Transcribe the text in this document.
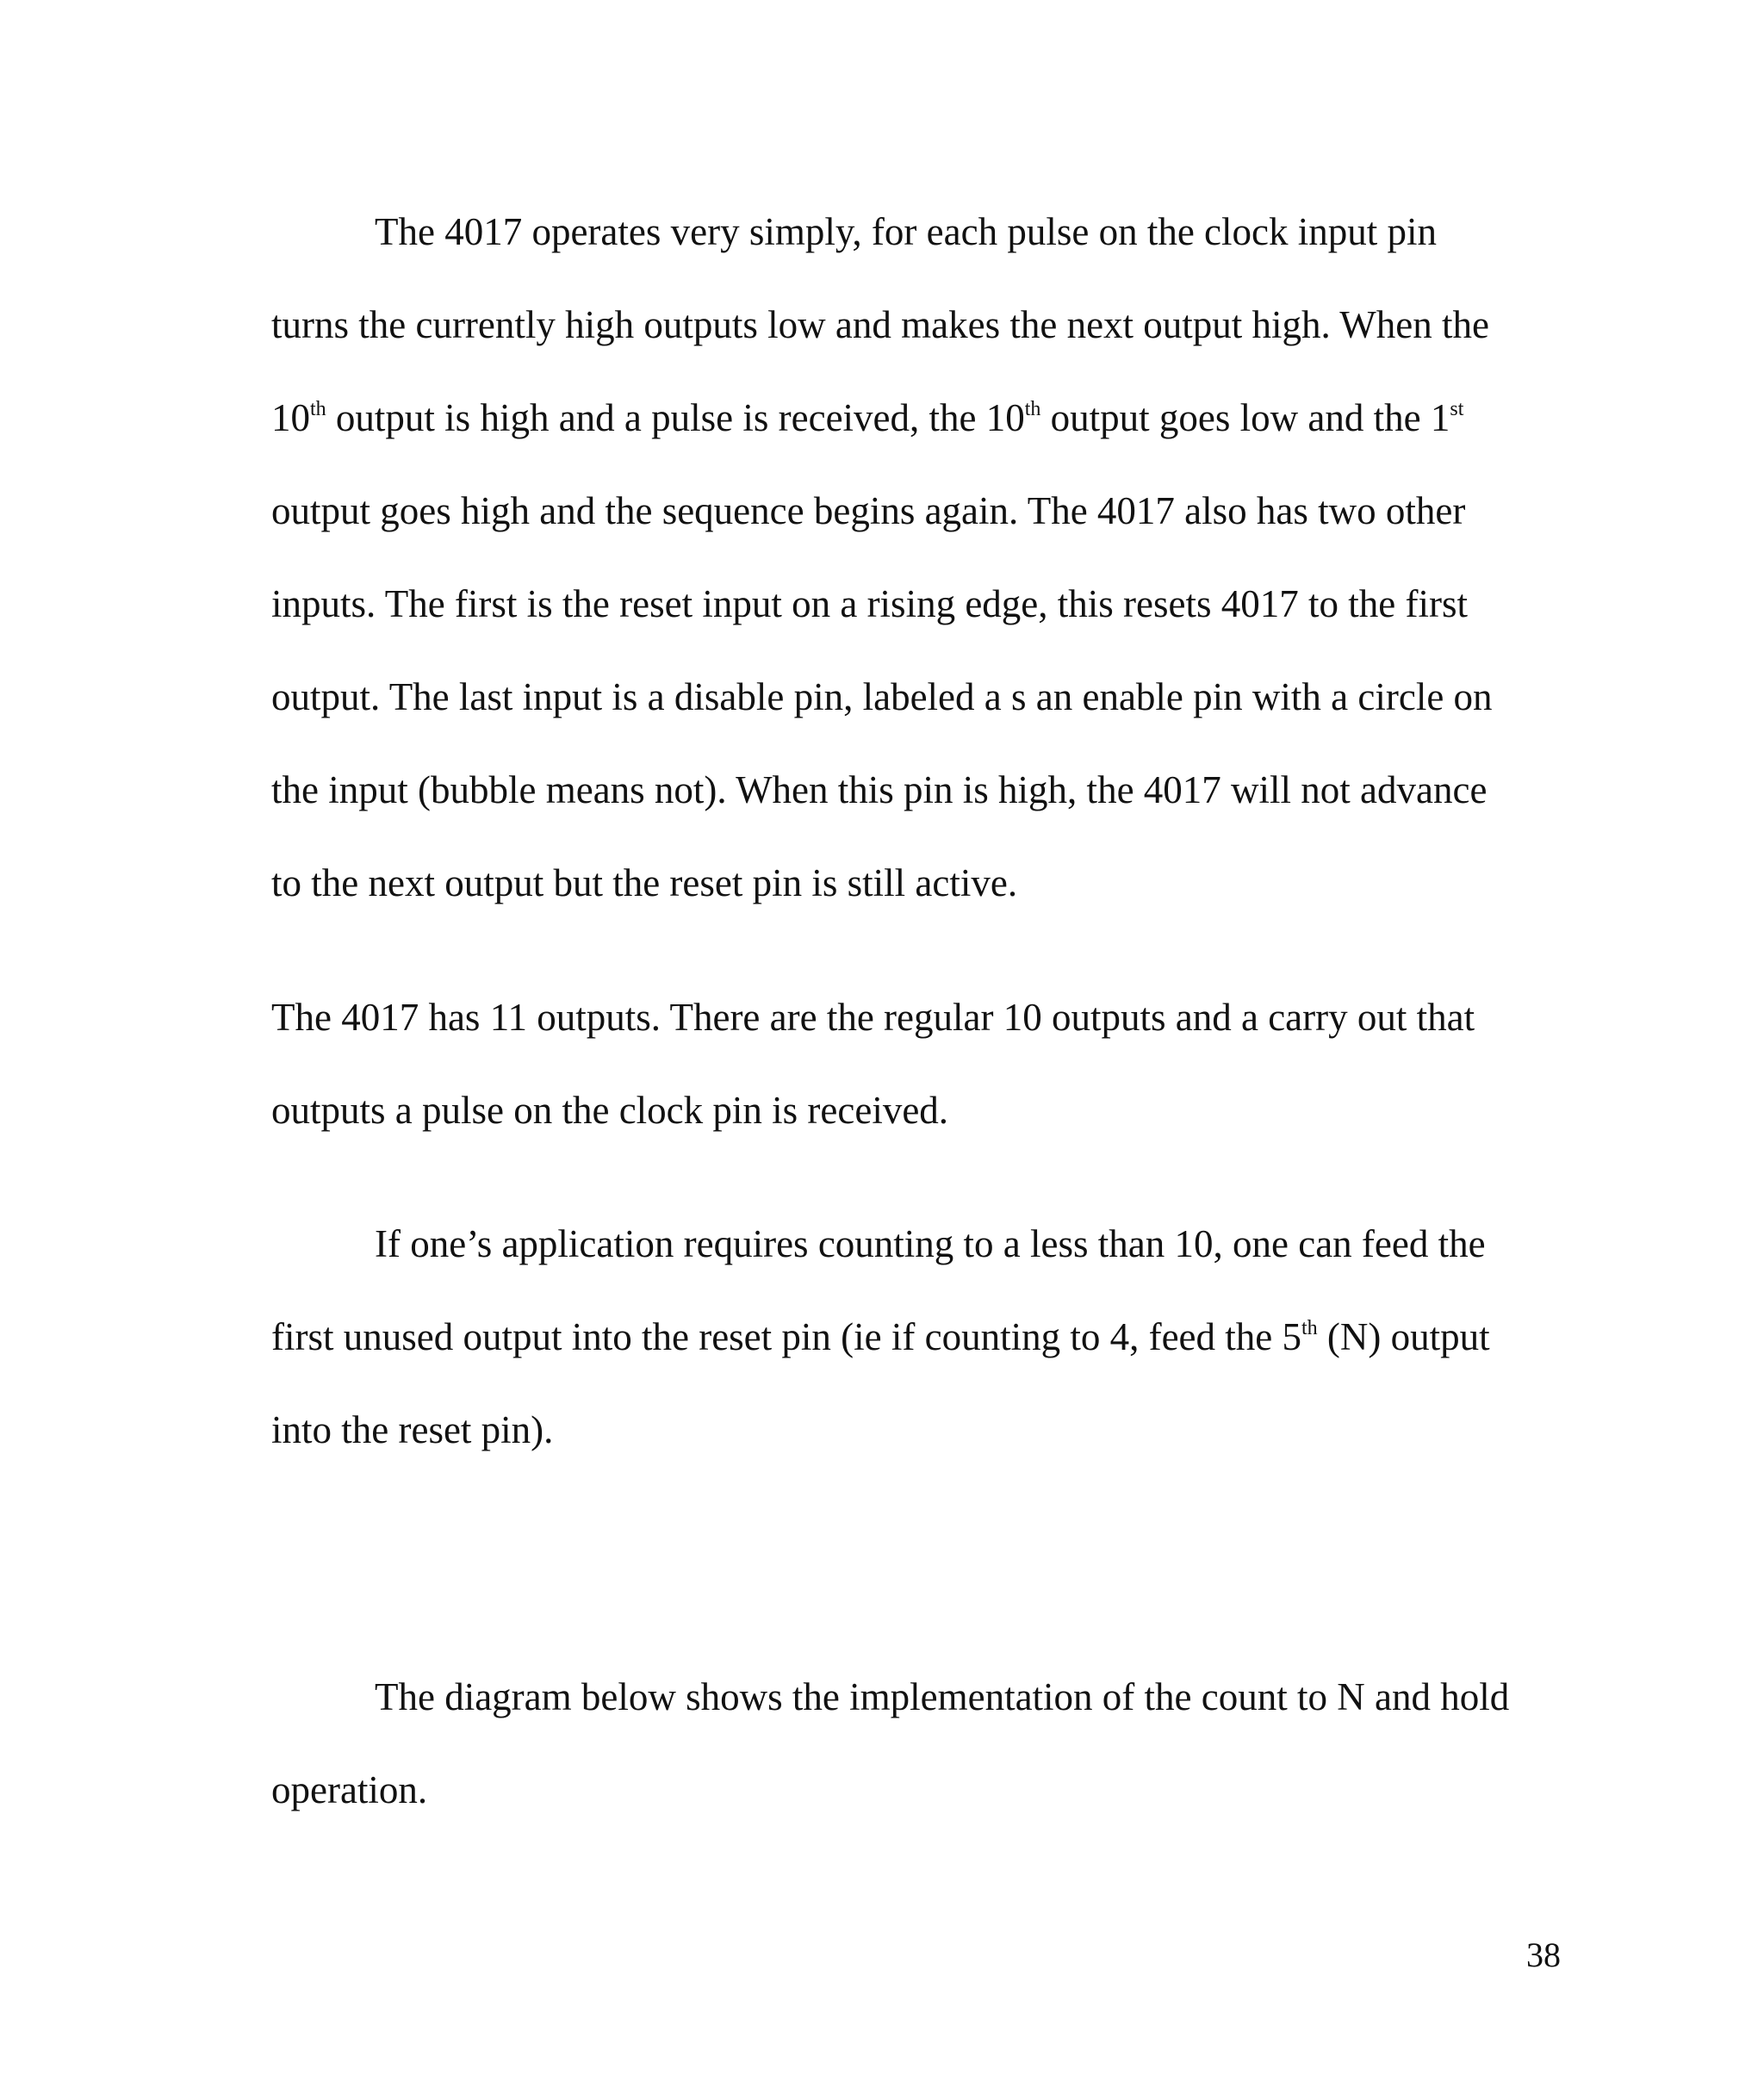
The 4017 operates very simply, for each pulse on the clock input pin
turns the currently high outputs low and makes the next output high. When the
10th output is high and a pulse is received, the 10th output goes low and the 1st
output goes high and the sequence begins again. The 4017 also has two other
inputs. The first is the reset input on a rising edge, this resets 4017 to the first
output. The last input is a disable pin, labeled a s an enable pin with a circle on
the input (bubble means not). When this pin is high, the 4017 will not advance
to the next output but the reset pin is still active.
The 4017 has 11 outputs. There are the regular 10 outputs and a carry out that
outputs a pulse on the clock pin is received.
If one’s application requires counting to a less than 10, one can feed the
first unused output into the reset pin (ie if counting to 4, feed the 5th (N) output
into the reset pin).
The diagram below shows the implementation of the count to N and hold
operation.
38
